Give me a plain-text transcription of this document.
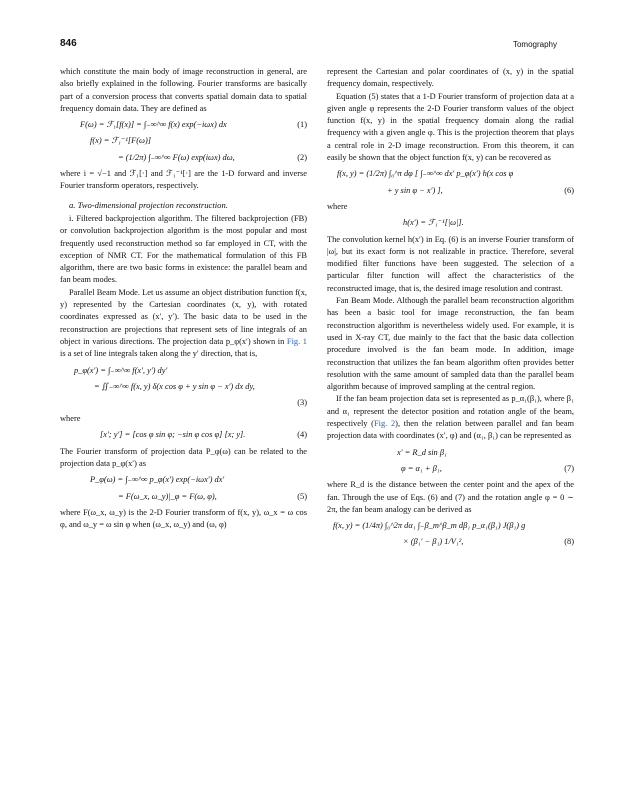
846	Tomography

which constitute the main body of image reconstruction in general, are also briefly explained in the following. Fourier transforms are basically part of a conversion process that converts spatial domain data to spatial frequency domain data. They are defined as

F(ω) = ℱ₁[f(x)] = ∫₋∞^∞ f(x) exp(−iωx) dx	(1)
f(x) = ℱ₁⁻¹[F(ω)]
= (1/2π) ∫₋∞^∞ F(ω) exp(iωx) dω,	(2)

where i = √−1 and ℱ₁[·] and ℱ₁⁻¹[·] are the 1-D forward and inverse Fourier transform operators, respectively.

a. Two-dimensional projection reconstruction.

i. Filtered backprojection algorithm. The filtered backprojection (FB) or convolution backprojection algorithm is the most popular and most frequently used reconstruction method so far employed in CT, with the exception of NMR CT. For the mathematical formulation of this FB algorithm, there are two basic forms in existence: the parallel beam and fan beam modes.

Parallel Beam Mode. Let us assume an object distribution function f(x, y) represented by the Cartesian coordinates (x, y), with rotated coordinates expressed as (x′, y′). The basic data to be used in the reconstruction are projections that represent sets of line integrals of an object in various directions. The projection data p_φ(x′) shown in Fig. 1 is a set of line integrals taken along the y′ direction, that is,

p_φ(x′) = ∫₋∞^∞ f(x′, y′) dy′
= ∬₋∞^∞ f(x, y) δ(x cos φ + y sin φ − x′) dx dy,
(3)

where

[x′; y′] = [cos φ sin φ; −sin φ cos φ] [x; y].	(4)

The Fourier transform of projection data P_φ(ω) can be related to the projection data p_φ(x′) as

P_φ(ω) = ∫₋∞^∞ p_φ(x′) exp(−iωx′) dx′
= F(ω_x, ω_y)|_φ = F(ω, φ),	(5)

where F(ω_x, ω_y) is the 2-D Fourier transform of f(x, y), ω_x = ω cos φ, and ω_y = ω sin φ when (ω_x, ω_y) and (ω, φ)

represent the Cartesian and polar coordinates of (x, y) in the spatial frequency domain, respectively.

Equation (5) states that a 1-D Fourier transform of projection data at a given angle φ represents the 2-D Fourier transform values of the object function f(x, y) in the spatial frequency domain along the radial frequency with a given angle φ. This is the projection theorem that plays a central role in 2-D image reconstruction. From this theorem, it can easily be shown that the object function f(x, y) can be recovered as

f(x, y) = (1/2π) ∫₀^π dφ [ ∫₋∞^∞ dx′ p_φ(x′) h(x cos φ
+ y sin φ − x′) ],	(6)

where

h(x′) = ℱ₁⁻¹[|ω|].

The convolution kernel h(x′) in Eq. (6) is an inverse Fourier transform of |ω|, but its exact form is not realizable in practice. Therefore, several modified filter functions have been suggested. The selection of a particular filter function will affect the characteristics of the reconstructed image, that is, the desired image resolution and contrast.

Fan Beam Mode. Although the parallel beam reconstruction algorithm has been a basic tool for image reconstruction, the fan beam reconstruction algorithm is nevertheless widely used. For example, it is used in X-ray CT, due mainly to the fact that the basic data collection procedure involved is the fan beam mode. In addition, image reconstruction that utilizes the fan beam algorithm often provides better resolution with the same amount of sampled data than the parallel beam algorithm because of improved sampling at the central region.

If the fan beam projection data set is represented as p_α₁(β₁), where β₁ and α₁ represent the detector position and rotation angle of the beam, respectively (Fig. 2), then the relation between parallel and fan beam projection data with coordinates (x′, φ) and (α₁, β₁) can be represented as

x′ = R_d sin β₁
φ = α₁ + β₁,	(7)

where R_d is the distance between the center point and the apex of the fan. Through the use of Eqs. (6) and (7) and the rotation angle φ = 0 ∼ 2π, the fan beam analogy can be derived as

f(x, y) = (1/4π) ∫₀^2π dα₁ ∫₋β_m^β_m dβ₁ p_α₁(β₁) J(β₁) g
× (β₁′ − β₁) 1/V₁²,	(8)
